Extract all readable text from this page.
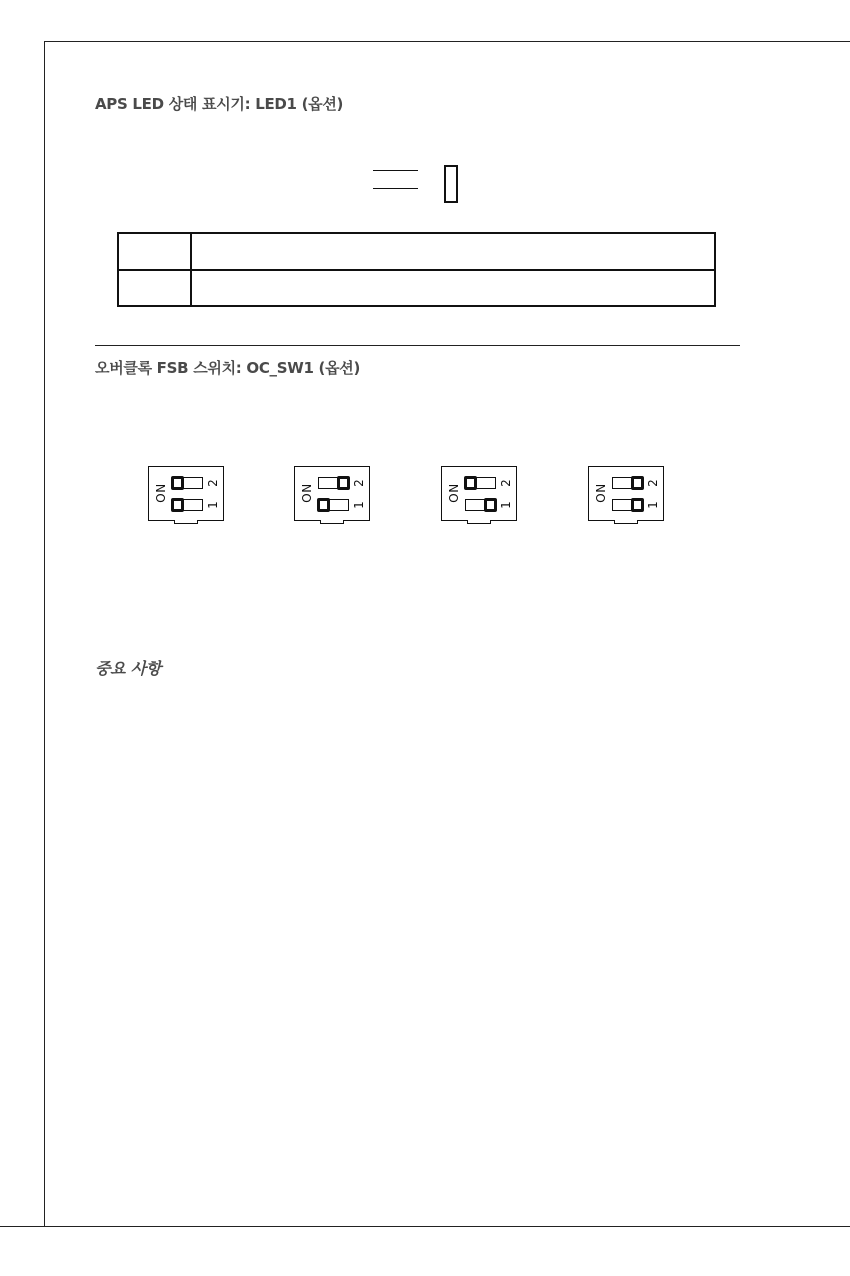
APS LED 상태 표시기: LED1 (옵션)

오버클록 FSB 스위치: OC_SW1 (옵션)
ON
2
1
ON
2
1
ON
2
1
ON
2
1
중요 사항
